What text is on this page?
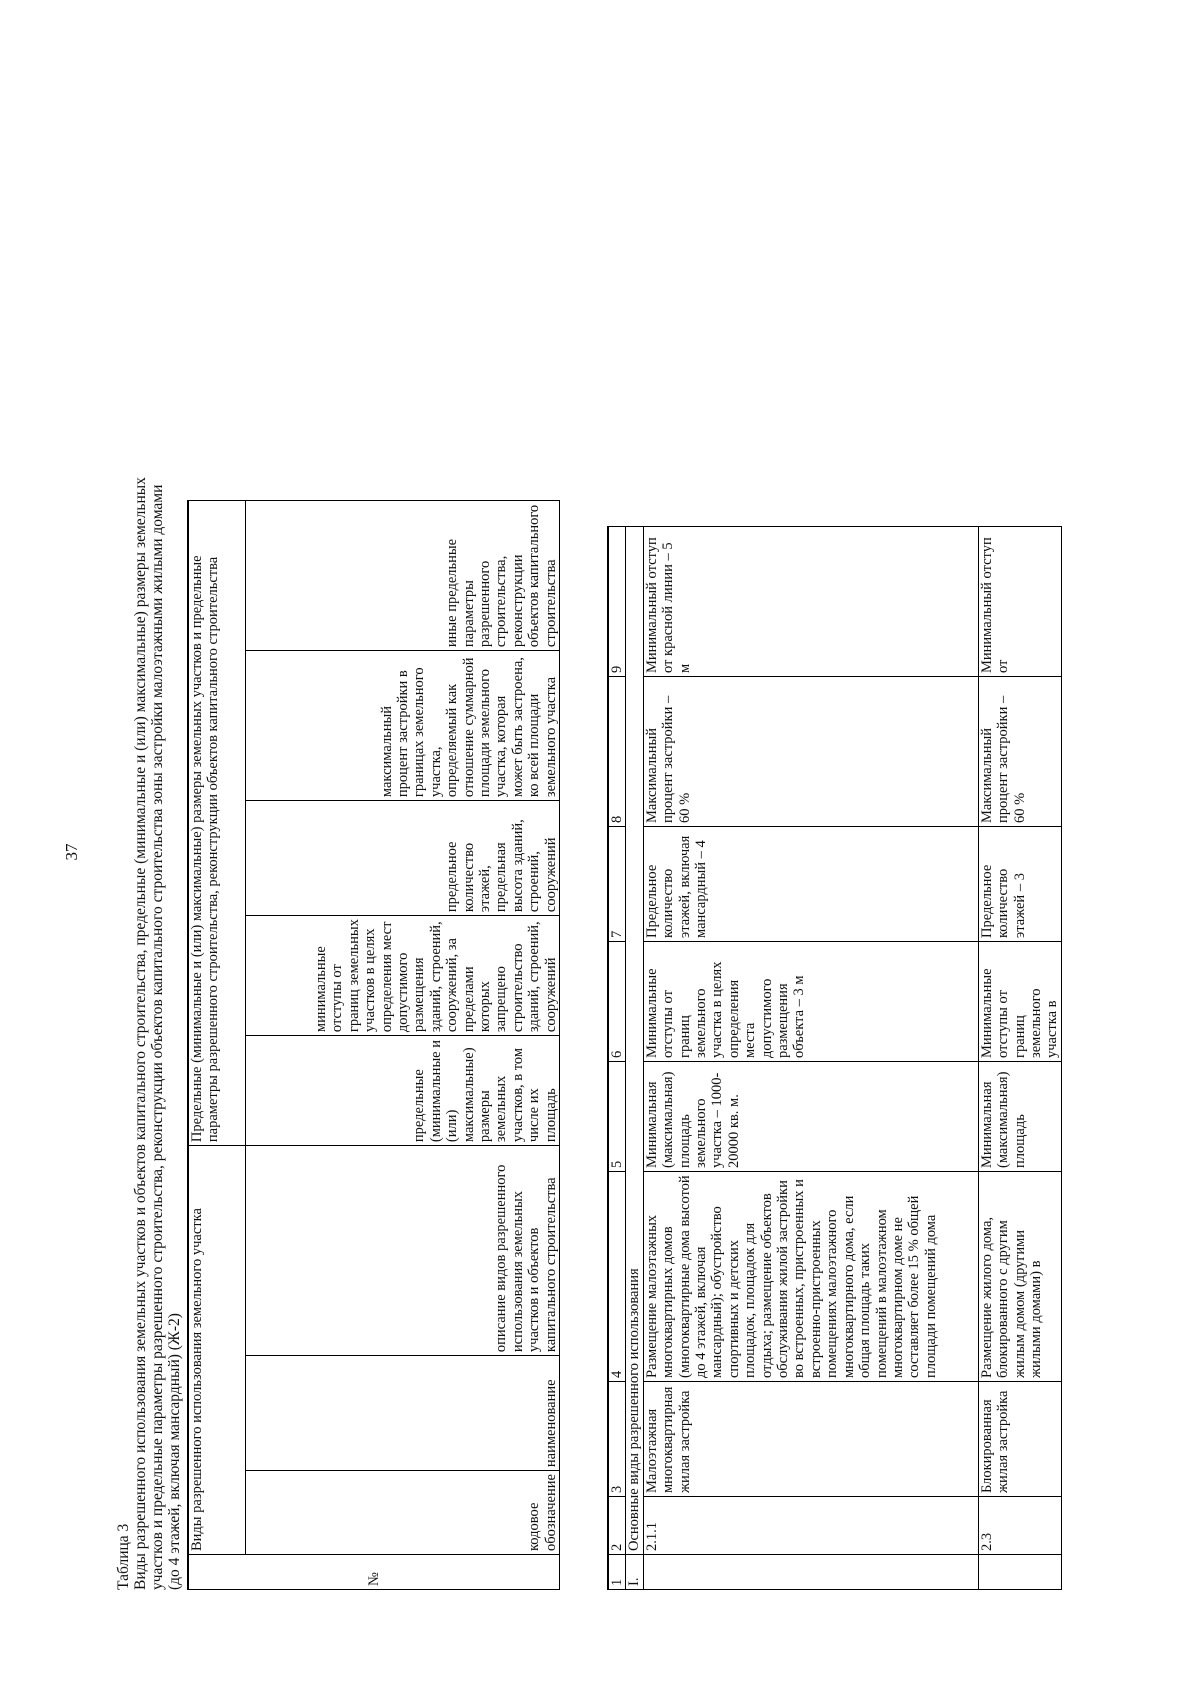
37

Таблица 3 Виды разрешенного использования земельных участков и объектов капитального строительства, предельные (минимальные и (или) максимальные) размеры земельных участков и предельные параметры разрешенного строительства, реконструкции объектов капитального строительства зоны застройки малоэтажными жилыми домами (до 4 этажей, включая мансардный) (Ж-2)	№	Виды разрешенного использования земельного участка			Предельные (минимальные и (или) максимальные) размеры земельных участков и предельные параметры разрешенного строительства, реконструкции объектов капитального строительства				
	кодовое обозначение	наименование	описание видов разрешенного использования земельных участков и объектов капитального строительства	предельные (минимальные и (или) максимальные) размеры земельных участков, в том числе их площадь	минимальные отступы от границ земельных участков в целях определения мест допустимого размещения зданий, строений, сооружений, за пределами которых запрещено строительство зданий, строений, сооружений	предельное количество этажей, предельная высота зданий, строений, сооружений	максимальный процент застройки в границах земельного участка, определяемый как отношение суммарной площади земельного участка, которая может быть застроена, ко всей площади земельного участка	иные предельные параметры разрешенного строительства, реконструкции объектов капитального строительства
1	2	3	4	5	6	7	8	9
I.	Основные виды разрешенного использования							
	2.1.1	Малоэтажная многоквартирная жилая застройка	Размещение малоэтажных многоквартирных домов (многоквартирные дома высотой до 4 этажей, включая мансардный); обустройство спортивных и детских площадок, площадок для отдыха; размещение объектов обслуживания жилой застройки во встроенных, пристроенных и встроенно-пристроенных помещениях малоэтажного многоквартирного дома, если общая площадь таких помещений в малоэтажном многоквартирном доме не составляет более 15 % общей площади помещений дома	Минимальная (максимальная) площадь земельного участка – 1000-20000 кв. м.	Минимальные отступы от границ земельного участка в целях определения места допустимого размещения объекта – 3 м	Предельное количество этажей, включая мансардный – 4	Максимальный процент застройки – 60 %	Минимальный отступ от красной линии – 5 м
	2.3	Блокированная жилая застройка	Размещение жилого дома, блокированного с другим жилым домом (другими жилыми домами) в	Минимальная (максимальная) площадь	Минимальные отступы от границ земельного участка в	Предельное количество этажей – 3	Максимальный процент застройки – 60 %	Минимальный отступ от
